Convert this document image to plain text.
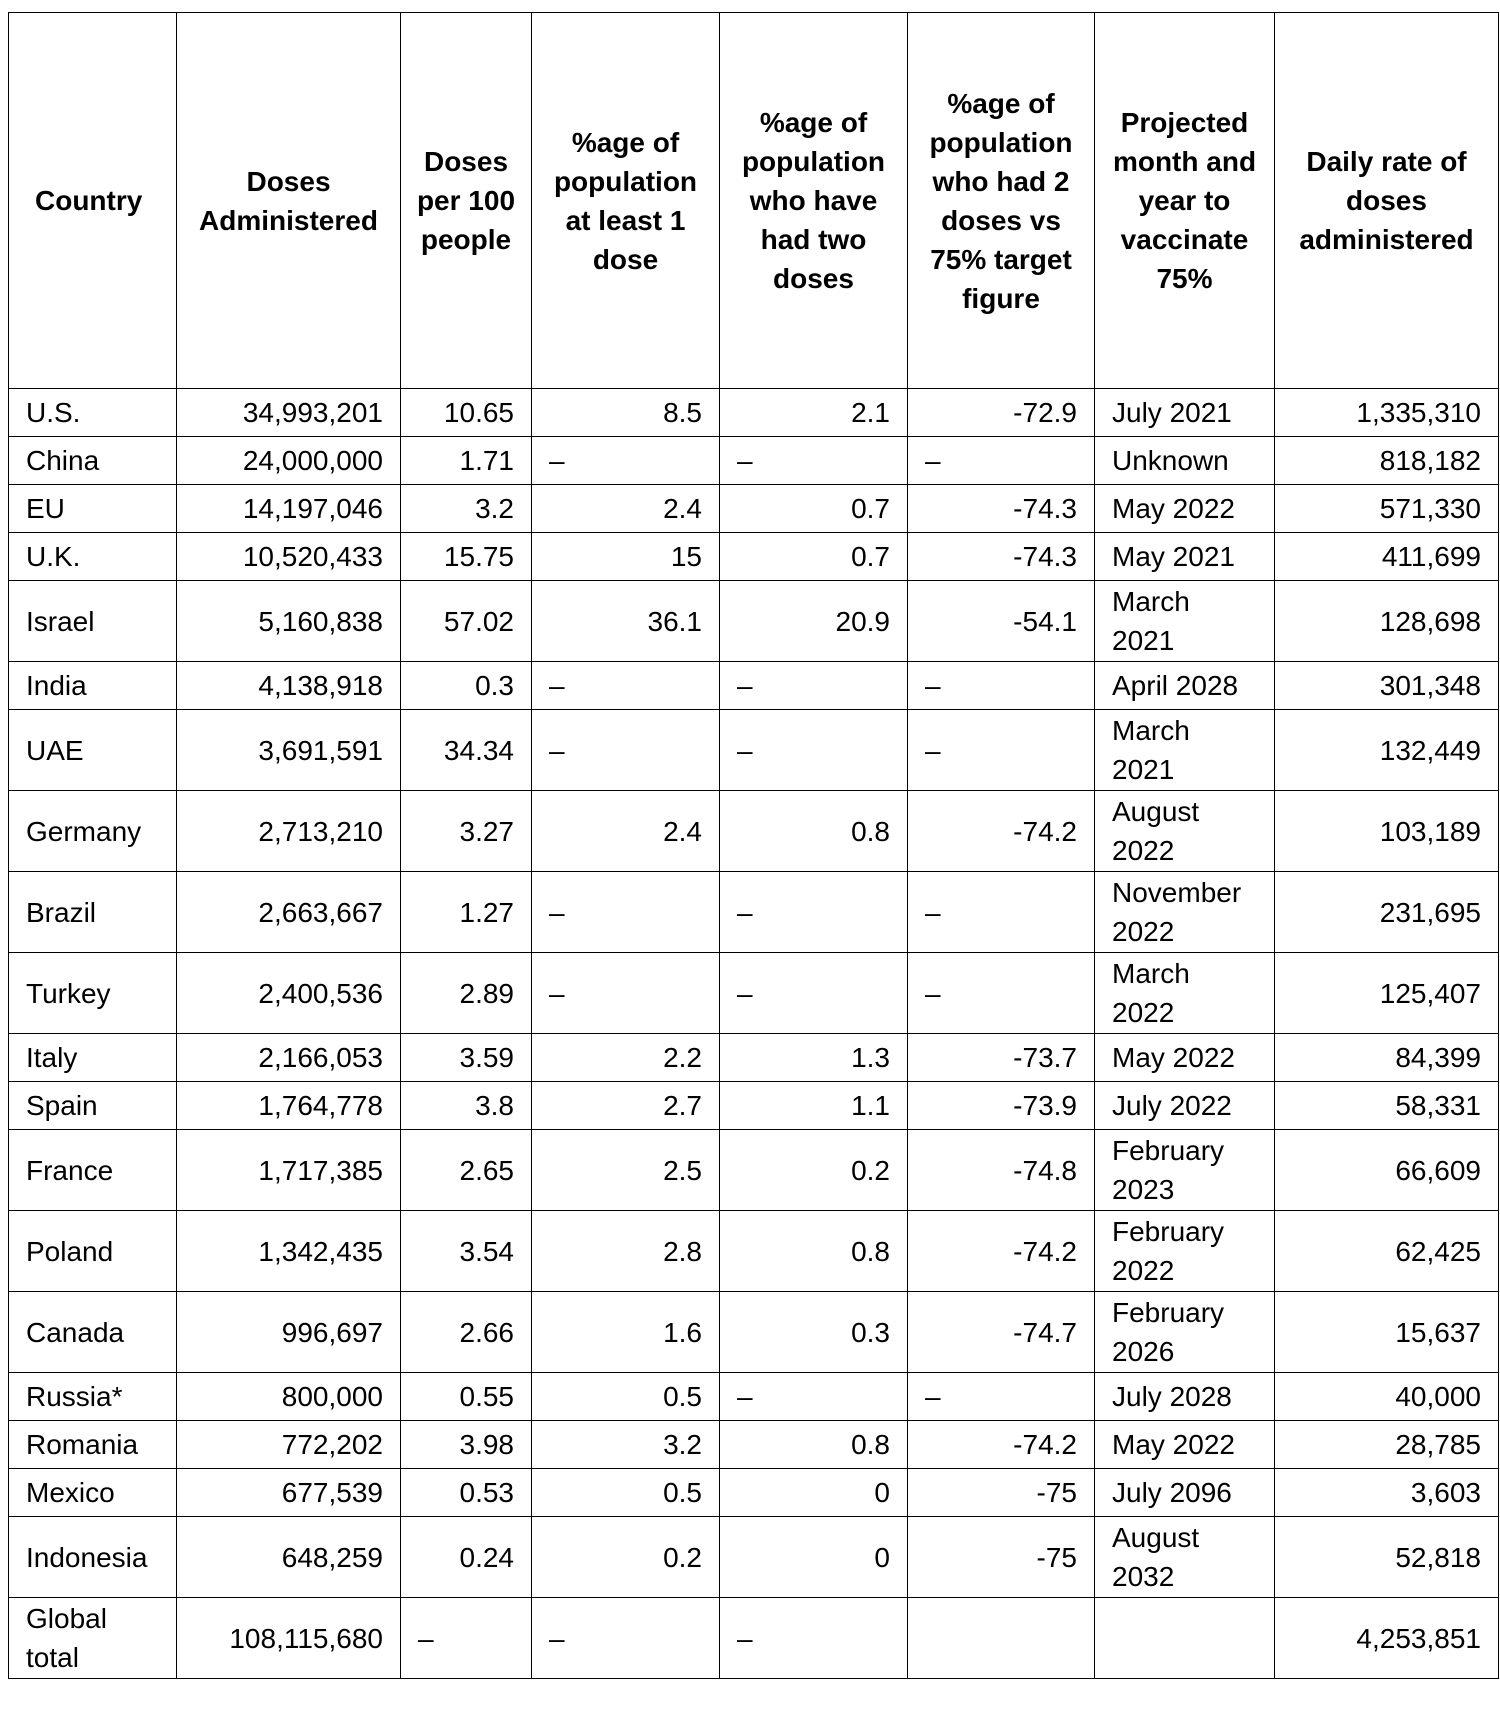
Country	Doses Administered	Doses per 100 people	%age of population at least 1 dose	%age of population who have had two doses	%age of population who had 2 doses vs 75% target figure	Projected month and year to vaccinate 75%	Daily rate of doses administered
U.S.	34,993,201	10.65	8.5	2.1	-72.9	July 2021	1,335,310
China	24,000,000	1.71	–	–	–	Unknown	818,182
EU	14,197,046	3.2	2.4	0.7	-74.3	May 2022	571,330
U.K.	10,520,433	15.75	15	0.7	-74.3	May 2021	411,699
Israel	5,160,838	57.02	36.1	20.9	-54.1	March 2021	128,698
India	4,138,918	0.3	–	–	–	April 2028	301,348
UAE	3,691,591	34.34	–	–	–	March 2021	132,449
Germany	2,713,210	3.27	2.4	0.8	-74.2	August 2022	103,189
Brazil	2,663,667	1.27	–	–	–	November 2022	231,695
Turkey	2,400,536	2.89	–	–	–	March 2022	125,407
Italy	2,166,053	3.59	2.2	1.3	-73.7	May 2022	84,399
Spain	1,764,778	3.8	2.7	1.1	-73.9	July 2022	58,331
France	1,717,385	2.65	2.5	0.2	-74.8	February 2023	66,609
Poland	1,342,435	3.54	2.8	0.8	-74.2	February 2022	62,425
Canada	996,697	2.66	1.6	0.3	-74.7	February 2026	15,637
Russia*	800,000	0.55	0.5	–	–	July 2028	40,000
Romania	772,202	3.98	3.2	0.8	-74.2	May 2022	28,785
Mexico	677,539	0.53	0.5	0	-75	July 2096	3,603
Indonesia	648,259	0.24	0.2	0	-75	August 2032	52,818
Global total	108,115,680	–	–	–			4,253,851
